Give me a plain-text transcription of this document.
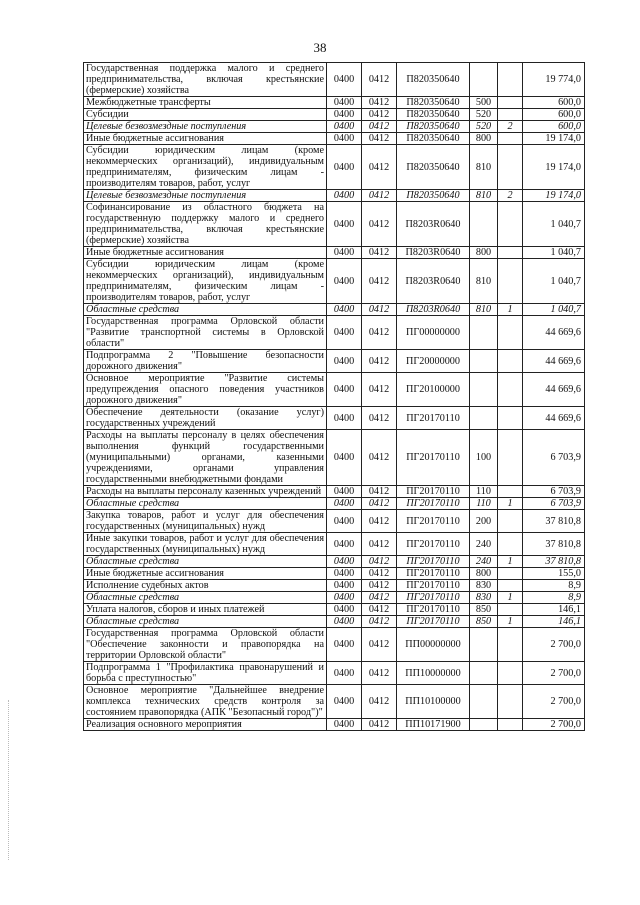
38
Государственная поддержка малого и среднего предпринимательства, включая крестьянские (фермерские) хозяйства	0400	0412	П820350640			19 774,0
Межбюджетные трансферты	0400	0412	П820350640	500		600,0
Субсидии	0400	0412	П820350640	520		600,0
Целевые безвозмездные поступления	0400	0412	П820350640	520	2	600,0
Иные бюджетные ассигнования	0400	0412	П820350640	800		19 174,0
Субсидии юридическим лицам (кроме некоммерческих организаций), индивидуальным предпринимателям, физическим лицам - производителям товаров, работ, услуг	0400	0412	П820350640	810		19 174,0
Целевые безвозмездные поступления	0400	0412	П820350640	810	2	19 174,0
Софинансирование из областного бюджета на государственную поддержку малого и среднего предпринимательства, включая крестьянские (фермерские) хозяйства	0400	0412	П8203R0640			1 040,7
Иные бюджетные ассигнования	0400	0412	П8203R0640	800		1 040,7
Субсидии юридическим лицам (кроме некоммерческих организаций), индивидуальным предпринимателям, физическим лицам - производителям товаров, работ, услуг	0400	0412	П8203R0640	810		1 040,7
Областные средства	0400	0412	П8203R0640	810	1	1 040,7
Государственная программа Орловской области "Развитие транспортной системы в Орловской области"	0400	0412	ПГ00000000			44 669,6
Подпрограмма 2 "Повышение безопасности дорожного движения"	0400	0412	ПГ20000000			44 669,6
Основное мероприятие "Развитие системы предупреждения опасного поведения участников дорожного движения"	0400	0412	ПГ20100000			44 669,6
Обеспечение деятельности (оказание услуг) государственных учреждений	0400	0412	ПГ20170110			44 669,6
Расходы на выплаты персоналу в целях обеспечения выполнения функций государственными (муниципальными) органами, казенными учреждениями, органами управления государственными внебюджетными фондами	0400	0412	ПГ20170110	100		6 703,9
Расходы на выплаты персоналу казенных учреждений	0400	0412	ПГ20170110	110		6 703,9
Областные средства	0400	0412	ПГ20170110	110	1	6 703,9
Закупка товаров, работ и услуг для обеспечения государственных (муниципальных) нужд	0400	0412	ПГ20170110	200		37 810,8
Иные закупки товаров, работ и услуг для обеспечения государственных (муниципальных) нужд	0400	0412	ПГ20170110	240		37 810,8
Областные средства	0400	0412	ПГ20170110	240	1	37 810,8
Иные бюджетные ассигнования	0400	0412	ПГ20170110	800		155,0
Исполнение судебных актов	0400	0412	ПГ20170110	830		8,9
Областные средства	0400	0412	ПГ20170110	830	1	8,9
Уплата налогов, сборов и иных платежей	0400	0412	ПГ20170110	850		146,1
Областные средства	0400	0412	ПГ20170110	850	1	146,1
Государственная программа Орловской области "Обеспечение законности и правопорядка на территории Орловской области"	0400	0412	ПП00000000			2 700,0
Подпрограмма 1 "Профилактика правонарушений и борьба с преступностью"	0400	0412	ПП10000000			2 700,0
Основное мероприятие "Дальнейшее внедрение комплекса технических средств контроля за состоянием правопорядка (АПК "Безопасный город")"	0400	0412	ПП10100000			2 700,0
Реализация основного мероприятия	0400	0412	ПП10171900			2 700,0
